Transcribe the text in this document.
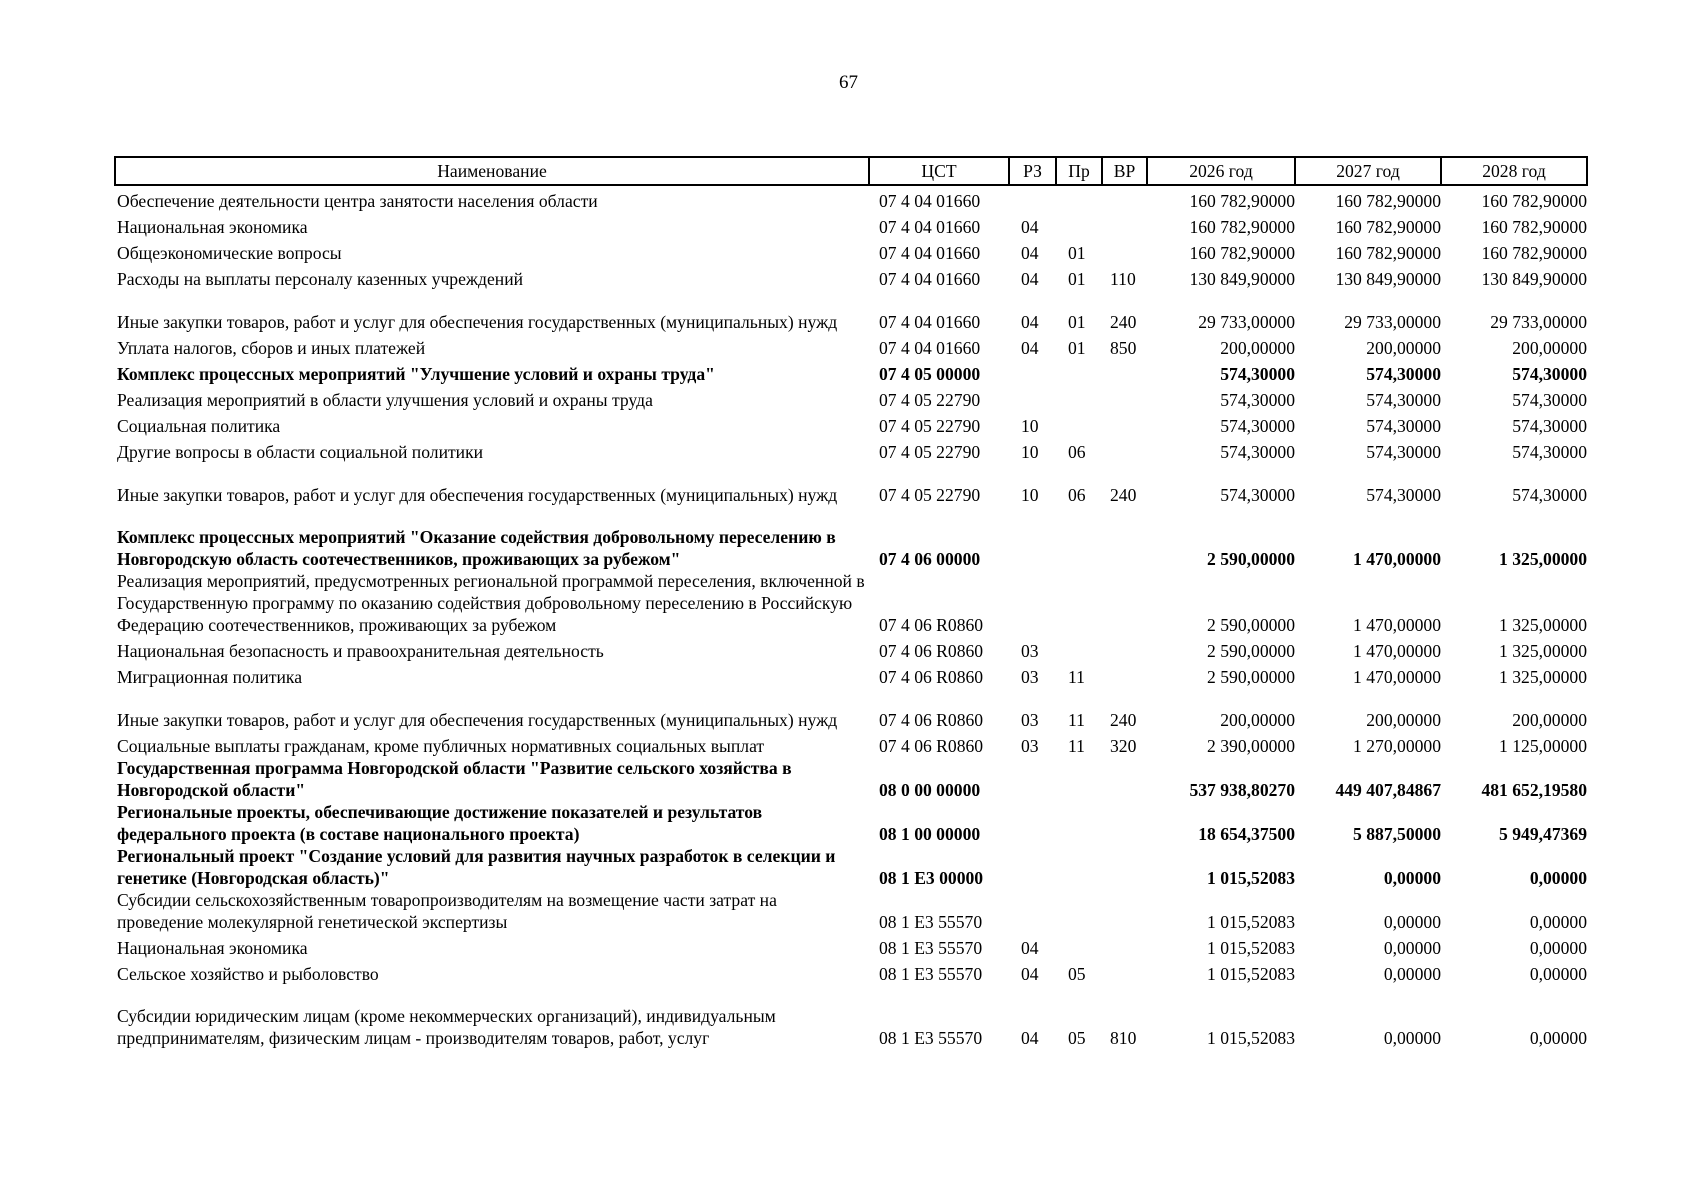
67
Наименование	ЦСТ	РЗ	Пр	ВР	2026 год	2027 год	2028 год
Обеспечение деятельности центра занятости населения области	07 4 04 01660				160 782,90000	160 782,90000	160 782,90000
Национальная экономика	07 4 04 01660	04			160 782,90000	160 782,90000	160 782,90000
Общеэкономические вопросы	07 4 04 01660	04	01		160 782,90000	160 782,90000	160 782,90000
Расходы на выплаты персоналу казенных учреждений	07 4 04 01660	04	01	110	130 849,90000	130 849,90000	130 849,90000
Иные закупки товаров, работ и услуг для обеспечения государственных (муниципальных) нужд	07 4 04 01660	04	01	240	29 733,00000	29 733,00000	29 733,00000
Уплата налогов, сборов и иных платежей	07 4 04 01660	04	01	850	200,00000	200,00000	200,00000
Комплекс процессных мероприятий "Улучшение условий и охраны труда"	07 4 05 00000				574,30000	574,30000	574,30000
Реализация мероприятий в области улучшения условий и охраны труда	07 4 05 22790				574,30000	574,30000	574,30000
Социальная политика	07 4 05 22790	10			574,30000	574,30000	574,30000
Другие вопросы в области социальной политики	07 4 05 22790	10	06		574,30000	574,30000	574,30000
Иные закупки товаров, работ и услуг для обеспечения государственных (муниципальных) нужд	07 4 05 22790	10	06	240	574,30000	574,30000	574,30000
Комплекс процессных мероприятий "Оказание содействия добровольному переселению в Новгородскую область соотечественников, проживающих за рубежом"	07 4 06 00000				2 590,00000	1 470,00000	1 325,00000
Реализация мероприятий, предусмотренных региональной программой переселения, включенной в Государственную программу по оказанию содействия добровольному переселению в Российскую Федерацию соотечественников, проживающих за рубежом	07 4 06 R0860				2 590,00000	1 470,00000	1 325,00000
Национальная безопасность и правоохранительная деятельность	07 4 06 R0860	03			2 590,00000	1 470,00000	1 325,00000
Миграционная политика	07 4 06 R0860	03	11		2 590,00000	1 470,00000	1 325,00000
Иные закупки товаров, работ и услуг для обеспечения государственных (муниципальных) нужд	07 4 06 R0860	03	11	240	200,00000	200,00000	200,00000
Социальные выплаты гражданам, кроме публичных нормативных социальных выплат	07 4 06 R0860	03	11	320	2 390,00000	1 270,00000	1 125,00000
Государственная программа Новгородской области "Развитие сельского хозяйства в Новгородской области"	08 0 00 00000				537 938,80270	449 407,84867	481 652,19580
Региональные проекты, обеспечивающие достижение показателей и результатов федерального проекта (в составе национального проекта)	08 1 00 00000				18 654,37500	5 887,50000	5 949,47369
Региональный проект "Создание условий для развития научных разработок в селекции и генетике (Новгородская область)"	08 1 E3 00000				1 015,52083	0,00000	0,00000
Субсидии сельскохозяйственным товаропроизводителям на возмещение части затрат на проведение молекулярной генетической экспертизы	08 1 E3 55570				1 015,52083	0,00000	0,00000
Национальная экономика	08 1 E3 55570	04			1 015,52083	0,00000	0,00000
Сельское хозяйство и рыболовство	08 1 E3 55570	04	05		1 015,52083	0,00000	0,00000
Субсидии юридическим лицам (кроме некоммерческих организаций), индивидуальным предпринимателям, физическим лицам - производителям товаров, работ, услуг	08 1 E3 55570	04	05	810	1 015,52083	0,00000	0,00000
